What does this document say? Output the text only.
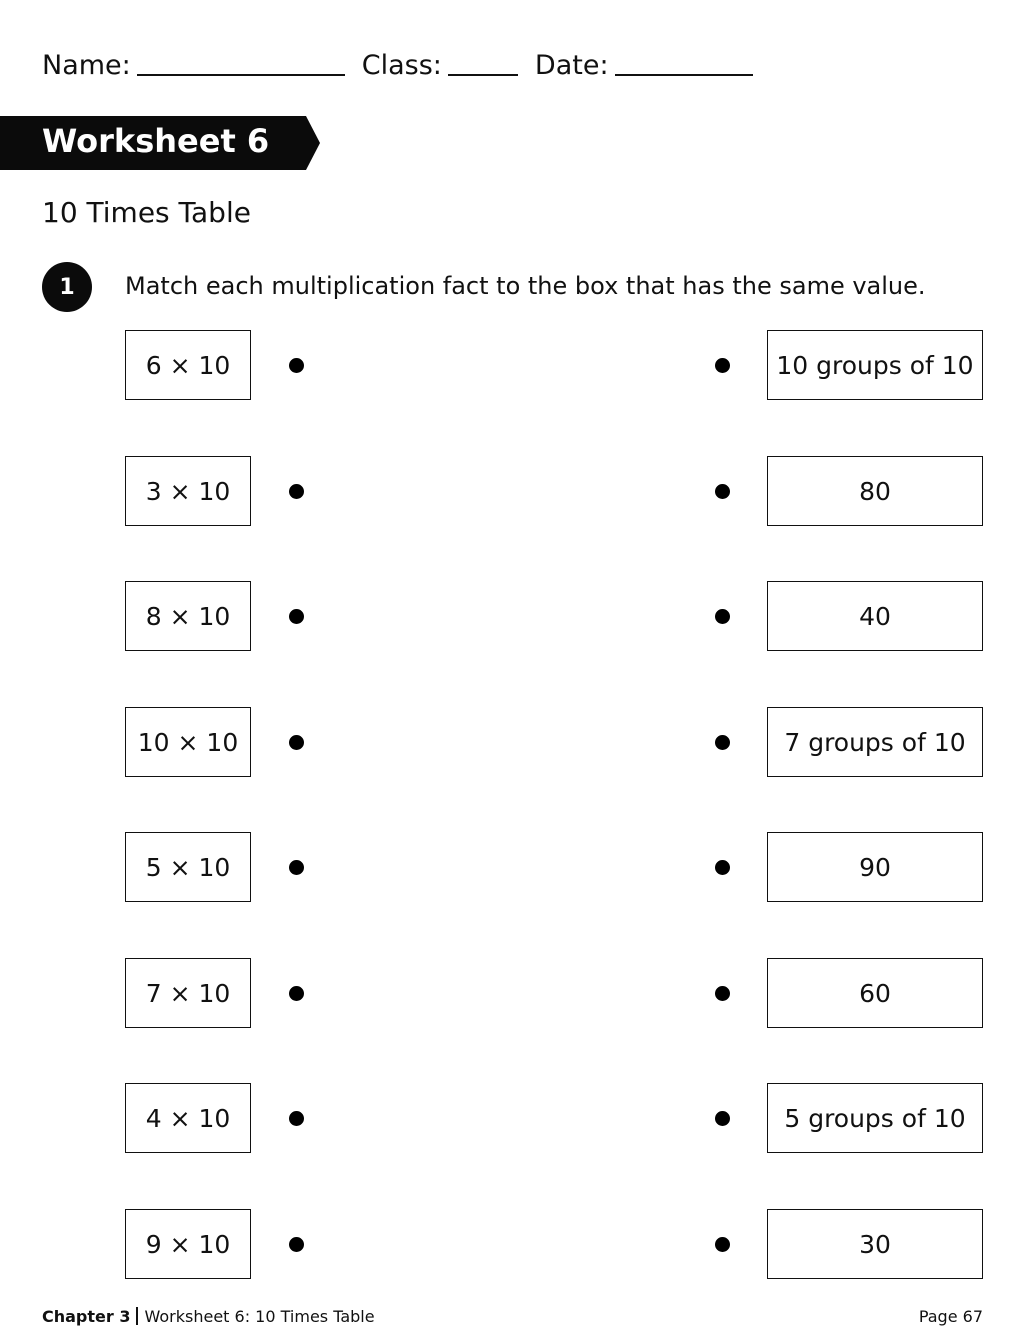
Name:	Class:	Date:
Worksheet 6
10 Times Table
1	Match each multiplication fact to the box that has the same value.
6 × 10	10 groups of 10
3 × 10	80
8 × 10	40
10 × 10	7 groups of 10
5 × 10	90
7 × 10	60
4 × 10	5 groups of 10
9 × 10	30
Chapter 3 Worksheet 6: 10 Times Table	Page 67
